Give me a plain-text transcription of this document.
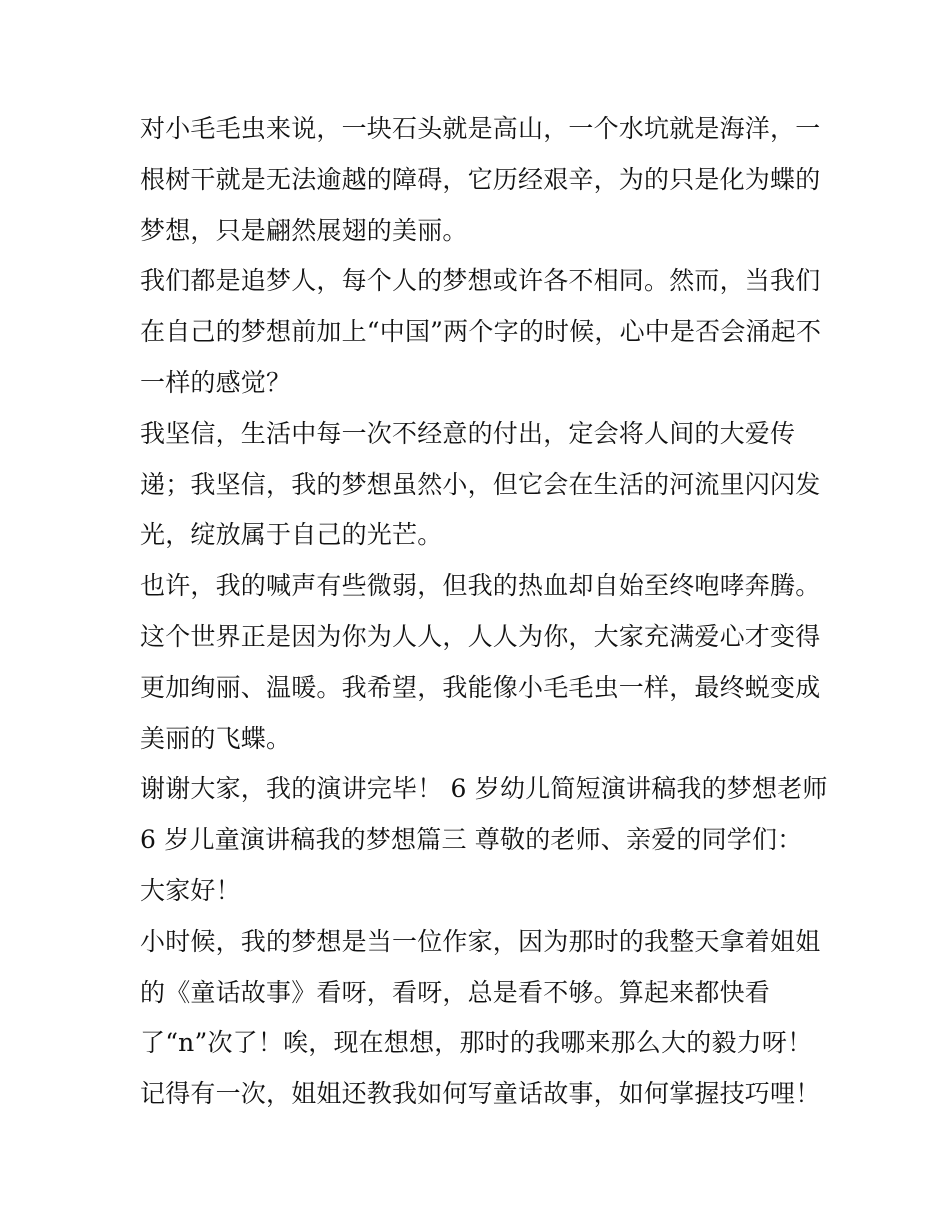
对小毛毛虫来说，一块石头就是高山，一个水坑就是海洋，一
根树干就是无法逾越的障碍，它历经艰辛，为的只是化为蝶的
梦想，只是翩然展翅的美丽。
我们都是追梦人，每个人的梦想或许各不相同。然而，当我们
在自己的梦想前加上“中国”两个字的时候，心中是否会涌起不
一样的感觉？
我坚信，生活中每一次不经意的付出，定会将人间的大爱传
递；我坚信，我的梦想虽然小，但它会在生活的河流里闪闪发
光，绽放属于自己的光芒。
也许，我的喊声有些微弱，但我的热血却自始至终咆哮奔腾。
这个世界正是因为你为人人，人人为你，大家充满爱心才变得
更加绚丽、温暖。我希望，我能像小毛毛虫一样，最终蜕变成
美丽的飞蝶。
谢谢大家，我的演讲完毕！ 6 岁幼儿简短演讲稿我的梦想老师
6 岁儿童演讲稿我的梦想篇三 尊敬的老师、亲爱的同学们：
大家好！
小时候，我的梦想是当一位作家，因为那时的我整天拿着姐姐
的《童话故事》看呀，看呀，总是看不够。算起来都快看
了“n”次了！唉，现在想想，那时的我哪来那么大的毅力呀！
记得有一次，姐姐还教我如何写童话故事，如何掌握技巧哩！
